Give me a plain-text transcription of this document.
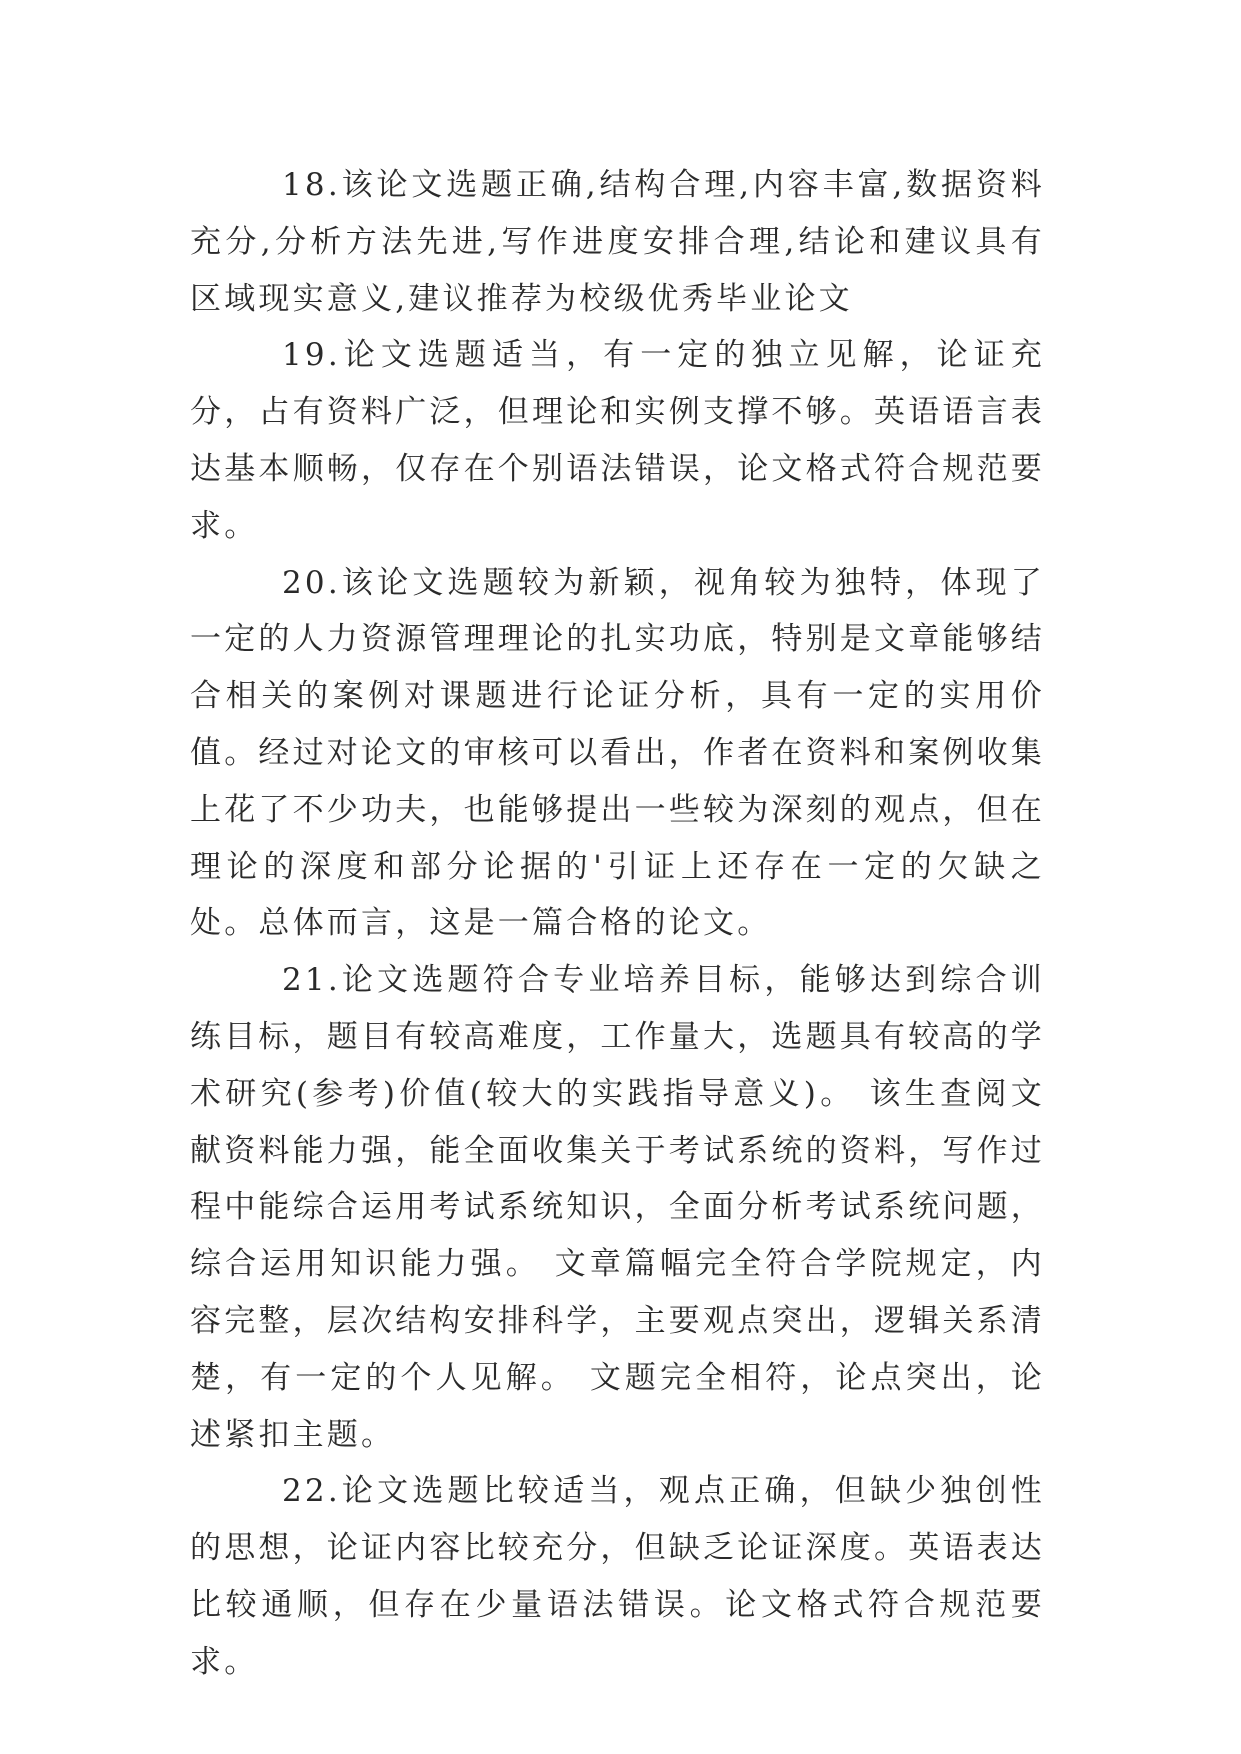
18.该论文选题正确,结构合理,内容丰富,数据资料充分,分析方法先进,写作进度安排合理,结论和建议具有区域现实意义,建议推荐为校级优秀毕业论文

19.论文选题适当，有一定的独立见解，论证充分，占有资料广泛，但理论和实例支撑不够。英语语言表达基本顺畅，仅存在个别语法错误，论文格式符合规范要求。

20.该论文选题较为新颖，视角较为独特，体现了一定的人力资源管理理论的扎实功底，特别是文章能够结合相关的案例对课题进行论证分析，具有一定的实用价值。经过对论文的审核可以看出，作者在资料和案例收集上花了不少功夫，也能够提出一些较为深刻的观点，但在理论的深度和部分论据的'引证上还存在一定的欠缺之处。总体而言，这是一篇合格的论文。

21.论文选题符合专业培养目标，能够达到综合训练目标，题目有较高难度，工作量大，选题具有较高的学术研究(参考)价值(较大的实践指导意义)。 该生查阅文献资料能力强，能全面收集关于考试系统的资料，写作过程中能综合运用考试系统知识，全面分析考试系统问题，综合运用知识能力强。 文章篇幅完全符合学院规定，内容完整，层次结构安排科学，主要观点突出，逻辑关系清楚，有一定的个人见解。 文题完全相符，论点突出，论述紧扣主题。

22.论文选题比较适当，观点正确，但缺少独创性的思想，论证内容比较充分，但缺乏论证深度。英语表达比较通顺，但存在少量语法错误。论文格式符合规范要求。
